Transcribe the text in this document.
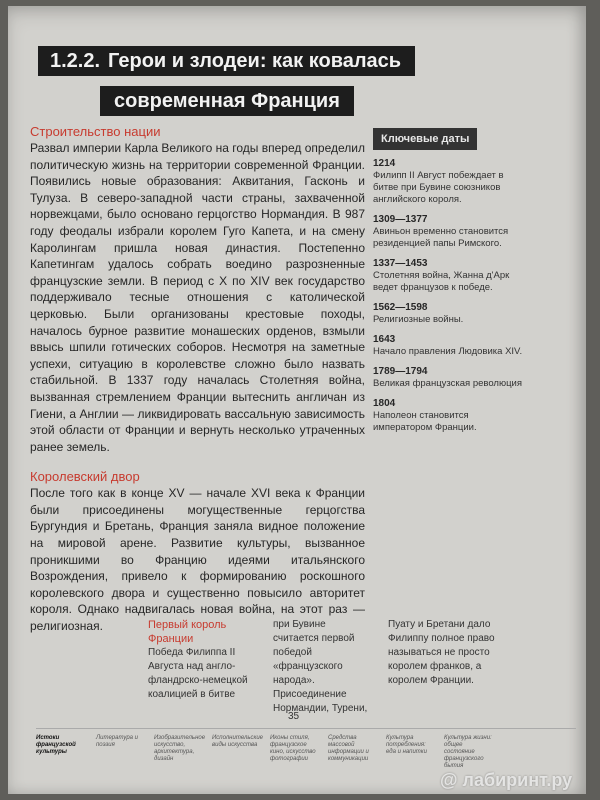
1.2.2. Герои и злодеи: как ковалась
современная Франция

Строительство нации

Развал империи Карла Великого на годы вперед определил политическую жизнь на территории современной Франции. Появились новые образования: Аквитания, Гасконь и Тулуза. В северо-западной части страны, захваченной норвежцами, было основано герцогство Нормандия. В 987 году феодалы избрали королем Гуго Капета, и на смену Каролингам пришла новая династия. Постепенно Капетингам удалось собрать воедино разрозненные французские земли. В период с X по XIV век государство поддерживало тесные отношения с католической церковью. Были организованы крестовые походы, началось бурное развитие монашеских орденов, взмыли ввысь шпили готических соборов. Несмотря на заметные успехи, ситуацию в королевстве сложно было назвать стабильной. В 1337 году началась Столетняя война, вызванная стремлением Франции вытеснить англичан из Гиени, а Англии — ликвидировать вассальную зависимость этой области от Франции и вернуть несколько утраченных ранее земель.

Королевский двор

После того как в конце XV — начале XVI века к Франции были присоединены могущественные герцогства Бургундия и Бретань, Франция заняла видное положение на мировой арене. Развитие культуры, вызванное проникшими во Францию идеями итальянского Возрождения, привело к формированию роскошного королевского двора и существенно повысило авторитет короля. Однако надвигалась новая война, на этот раз — религиозная.

Ключевые даты
1214
Филипп II Август побеждает в битве при Бувине союзников английского короля.
1309—1377
Авиньон временно становится резиденцией папы Римского.
1337—1453
Столетняя война, Жанна д'Арк ведет французов к победе.
1562—1598
Религиозные войны.
1643
Начало правления Людовика XIV.
1789—1794
Великая французская революция
1804
Наполеон становится императором Франции.
Первый король Франции
Победа Филиппа II Августа над англо-фландрско-немецкой коалицией в битве
при Бувине считается первой победой «французского народа». Присоединение Нормандии, Турени,
Пуату и Бретани дало Филиппу полное право называться не просто королем франков, а королем Франции.
35
Истоки французской культуры
Литература и поэзия
Изобразительное искусство, архитектура, дизайн
Исполнительские виды искусства
Иконы стиля, французское кино, искусство фотографии
Средства массовой информации и коммуникации
Культура потребления: еда и напитки
Культура жизни: общее состояние французского бытия
@ лабиринт.ру
